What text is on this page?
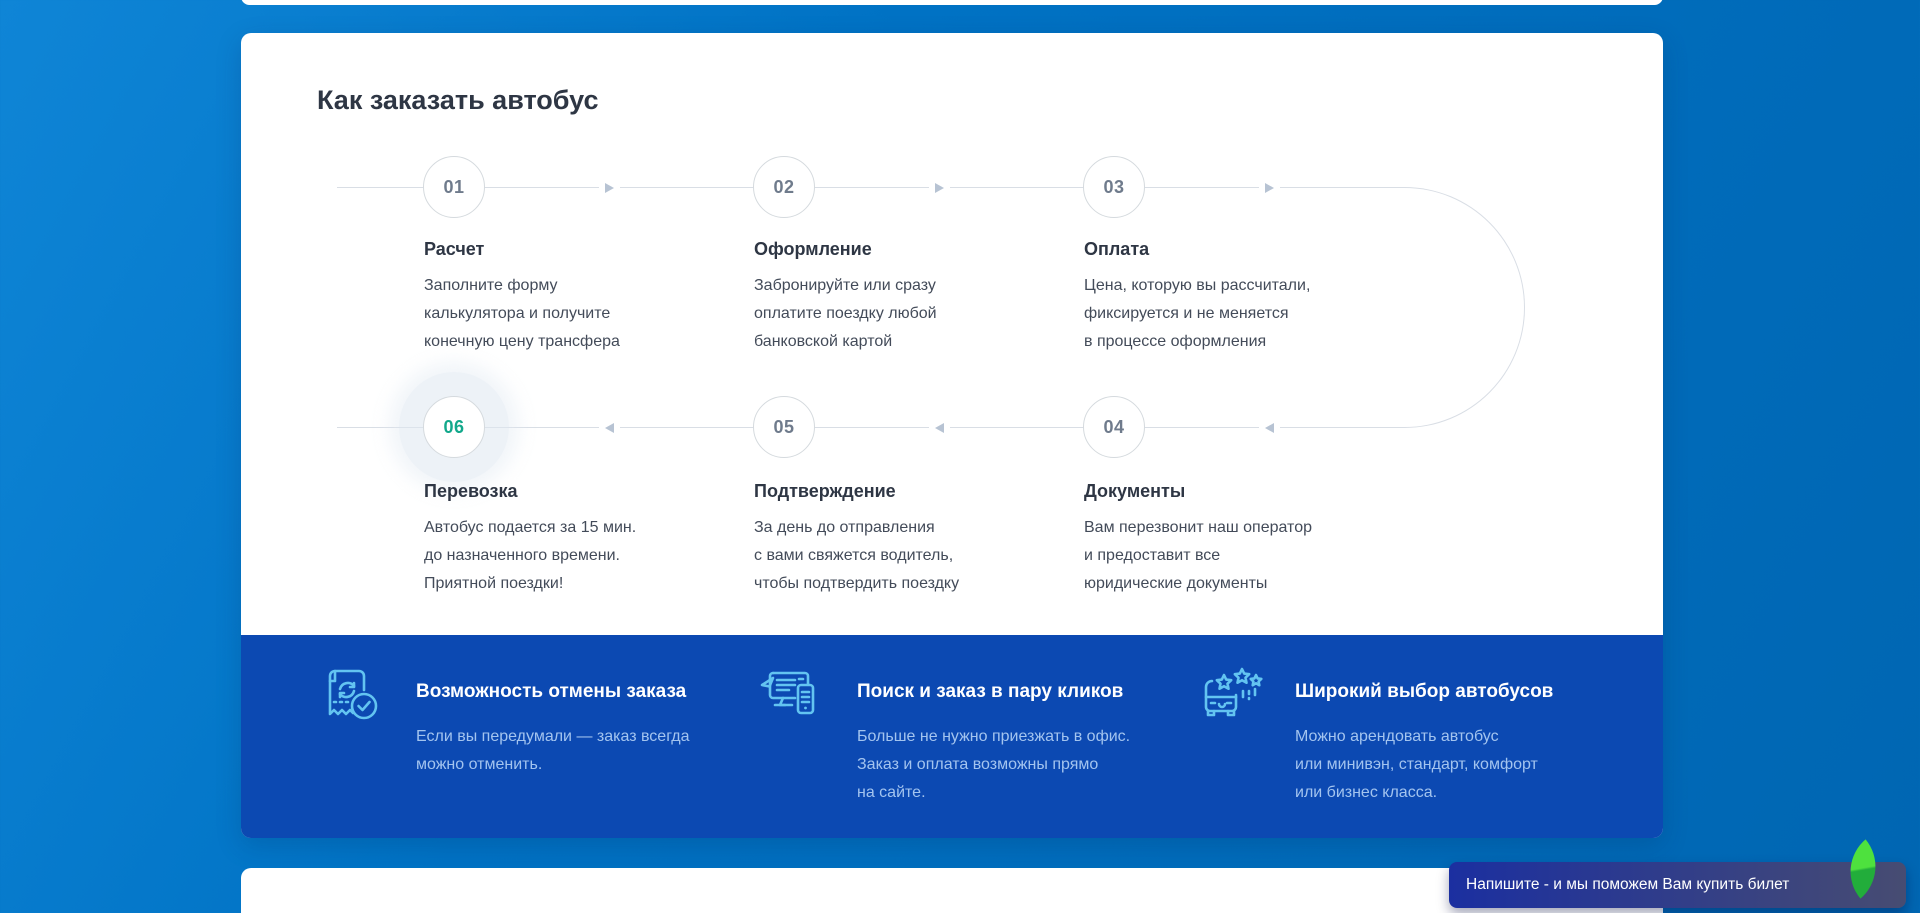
Как заказать автобус
01	02	03
06	05	04
Расчет
Заполните форму
калькулятора и получите
конечную цену трансфера
Оформление
Забронируйте или сразу
оплатите поездку любой
банковской картой
Оплата
Цена, которую вы рассчитали,
фиксируется и не меняется
в процессе оформления
Перевозка
Автобус подается за 15 мин.
до назначенного времени.
Приятной поездки!
Подтверждение
За день до отправления
с вами свяжется водитель,
чтобы подтвердить поездку
Документы
Вам перезвонит наш оператор
и предоставит все
юридические документы
Возможность отмены заказа
Если вы передумали — заказ всегда
можно отменить.
Поиск и заказ в пару кликов
Больше не нужно приезжать в офис.
Заказ и оплата возможны прямо
на сайте.
Широкий выбор автобусов
Можно арендовать автобус
или минивэн, стандарт, комфорт
или бизнес класса.
Напишите - и мы поможем Вам купить билет
